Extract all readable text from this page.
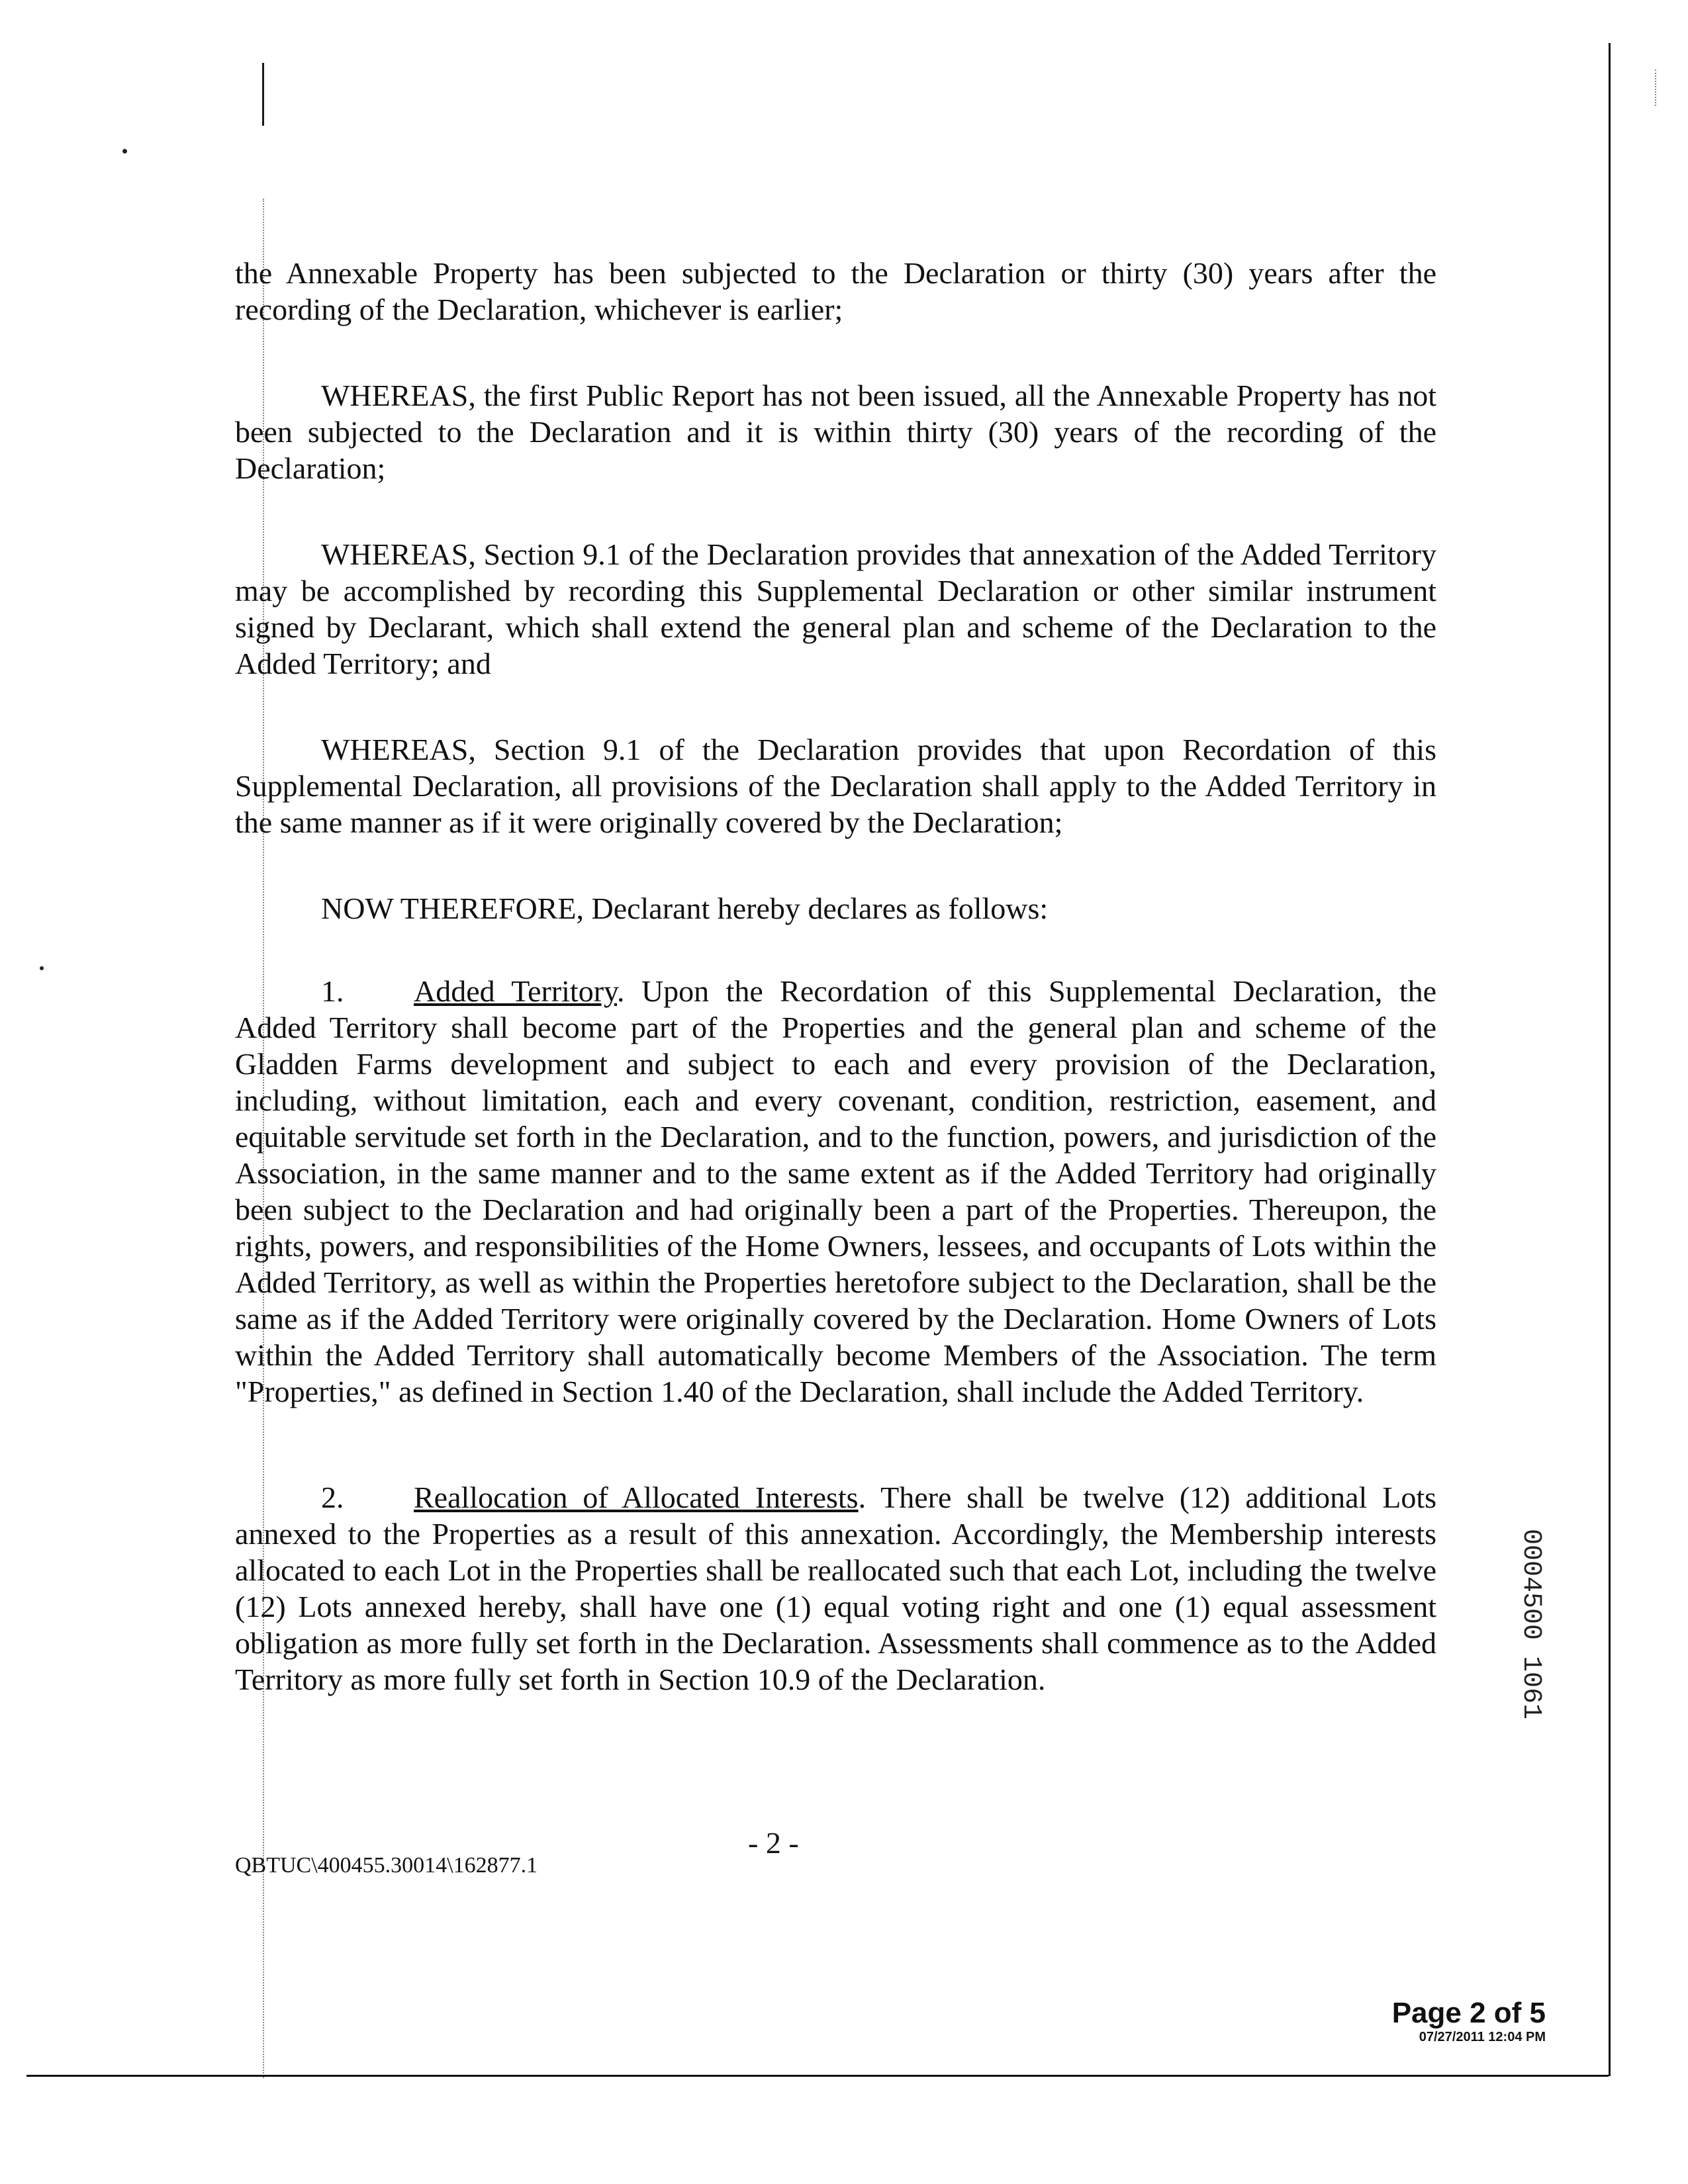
the Annexable Property has been subjected to the Declaration or thirty (30) years after the recording of the Declaration, whichever is earlier;

WHEREAS, the first Public Report has not been issued, all the Annexable Property has not been subjected to the Declaration and it is within thirty (30) years of the recording of the Declaration;

WHEREAS, Section 9.1 of the Declaration provides that annexation of the Added Territory may be accomplished by recording this Supplemental Declaration or other similar instrument signed by Declarant, which shall extend the general plan and scheme of the Declaration to the Added Territory; and

WHEREAS, Section 9.1 of the Declaration provides that upon Recordation of this Supplemental Declaration, all provisions of the Declaration shall apply to the Added Territory in the same manner as if it were originally covered by the Declaration;

NOW THEREFORE, Declarant hereby declares as follows:

1. Added Territory. Upon the Recordation of this Supplemental Declaration, the Added Territory shall become part of the Properties and the general plan and scheme of the Gladden Farms development and subject to each and every provision of the Declaration, including, without limitation, each and every covenant, condition, restriction, easement, and equitable servitude set forth in the Declaration, and to the function, powers, and jurisdiction of the Association, in the same manner and to the same extent as if the Added Territory had originally been subject to the Declaration and had originally been a part of the Properties. Thereupon, the rights, powers, and responsibilities of the Home Owners, lessees, and occupants of Lots within the Added Territory, as well as within the Properties heretofore subject to the Declaration, shall be the same as if the Added Territory were originally covered by the Declaration. Home Owners of Lots within the Added Territory shall automatically become Members of the Association. The term "Properties," as defined in Section 1.40 of the Declaration, shall include the Added Territory.

2. Reallocation of Allocated Interests. There shall be twelve (12) additional Lots annexed to the Properties as a result of this annexation. Accordingly, the Membership interests allocated to each Lot in the Properties shall be reallocated such that each Lot, including the twelve (12) Lots annexed hereby, shall have one (1) equal voting right and one (1) equal assessment obligation as more fully set forth in the Declaration. Assessments shall commence as to the Added Territory as more fully set forth in Section 10.9 of the Declaration.

- 2 -
QBTUC\400455.30014\162877.1
0004500 1061
Page 2 of 5
07/27/2011 12:04 PM
